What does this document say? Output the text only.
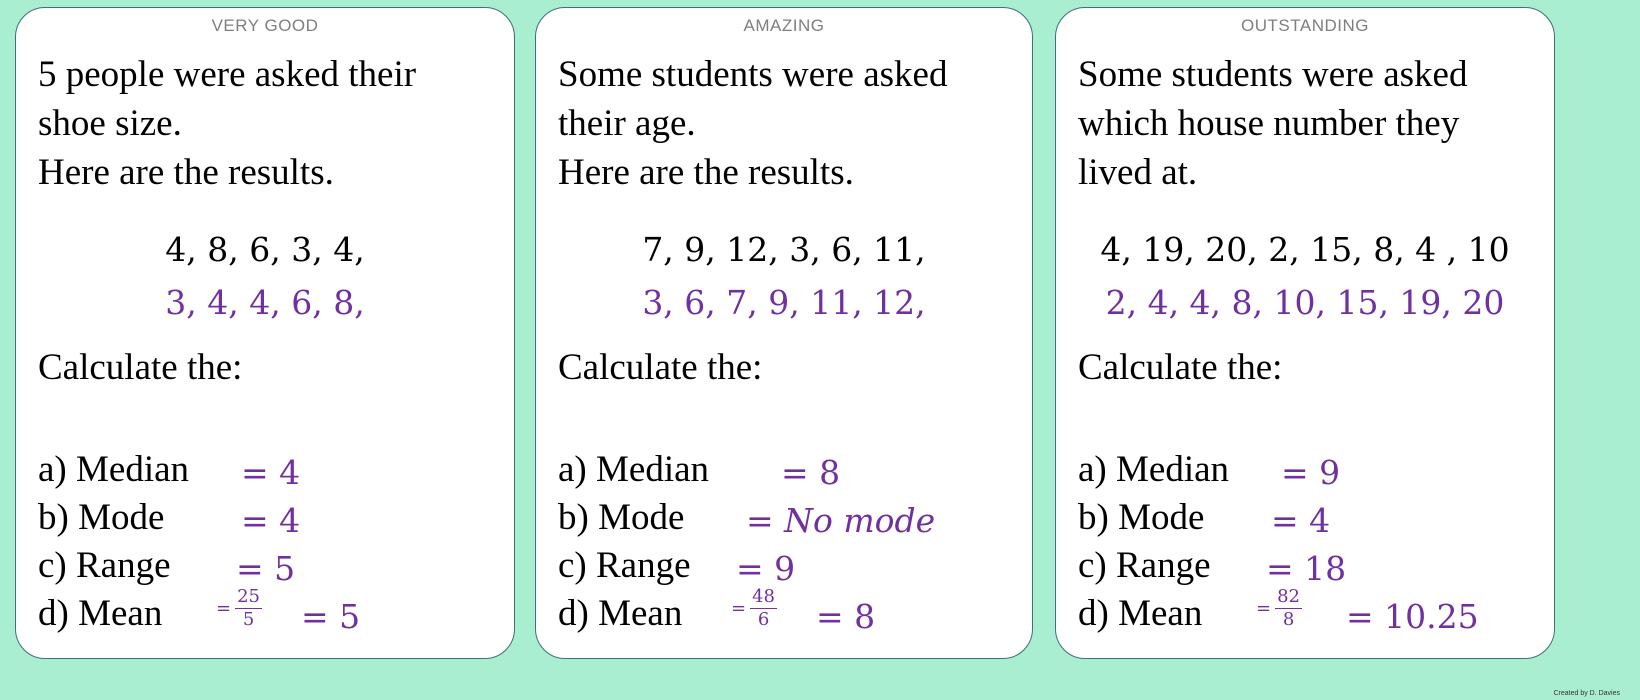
VERY GOOD
5 people were asked their
shoe size.
Here are the results.
4, 8, 6, 3, 4,
3, 4, 4, 6, 8,
Calculate the:
a) Median = 4
b) Mode = 4
c) Range = 5
d) Mean	= 5
= $\frac{25}{5}$
AMAZING
Some students were asked
their age.
Here are the results.
7, 9, 12, 3, 6, 11,
3, 6, 7, 9, 11, 12,
Calculate the:
a) Median = 8
b) Mode = No mode
c) Range = 9
d) Mean	= 8
= $\frac{48}{6}$
OUTSTANDING
Some students were asked
which house number they
lived at.
4, 19, 20, 2, 15, 8, 4 , 10
2, 4, 4, 8, 10, 15, 19, 20
Calculate the:
a) Median = 9
b) Mode = 4
c) Range = 18
d) Mean	= 10.25
= $\frac{82}{8}$
Created by D. Davies
